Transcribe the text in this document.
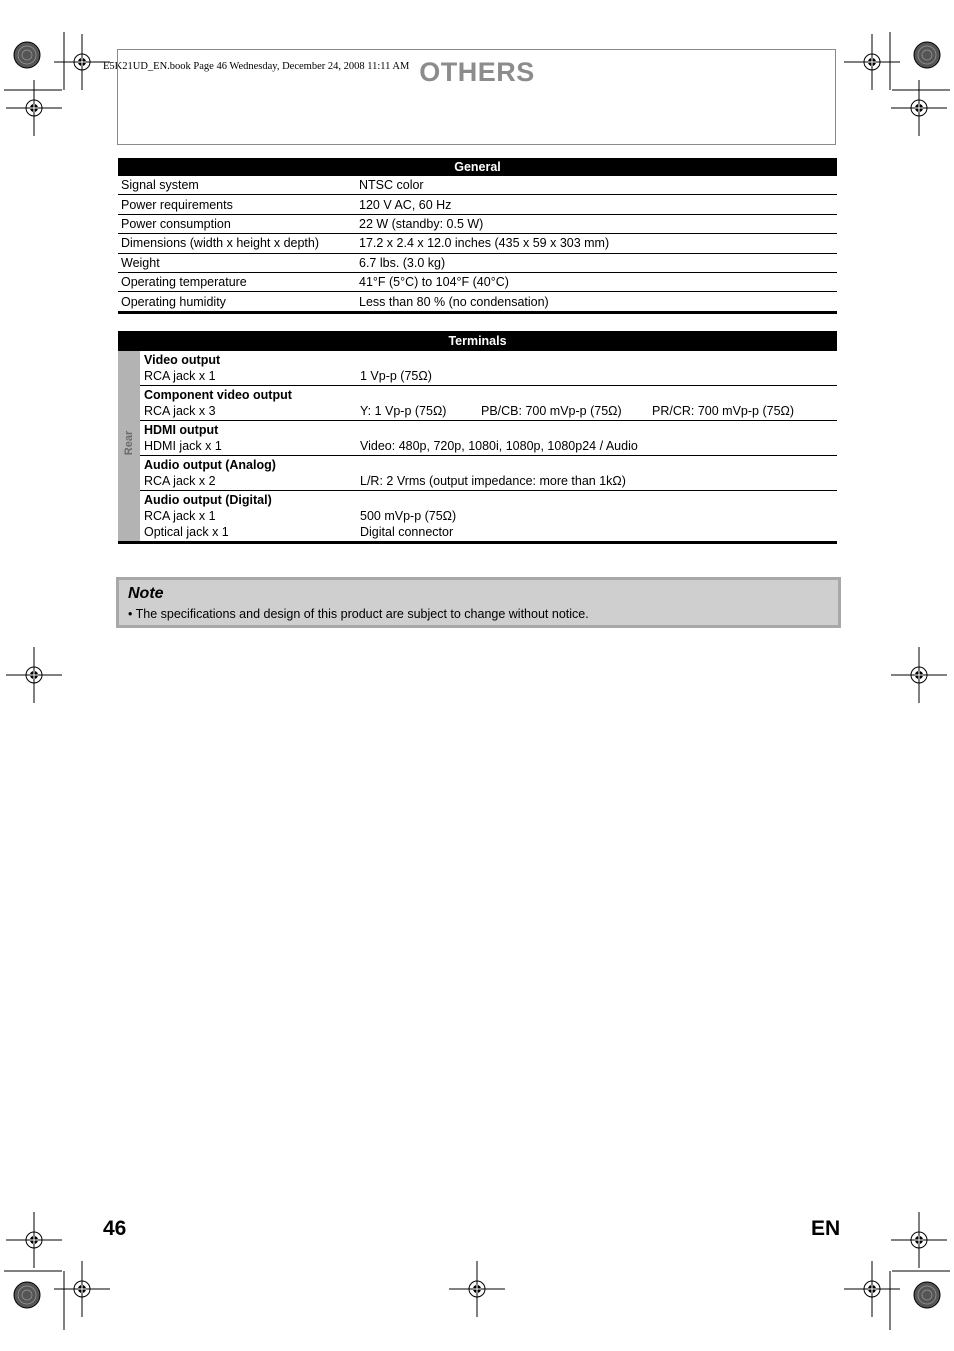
E5K21UD_EN.book Page 46 Wednesday, December 24, 2008 11:11 AM OTHERS
General	
Signal system	NTSC color
Power requirements	120 V AC, 60 Hz
Power consumption	22 W (standby: 0.5 W)
Dimensions (width x height x depth)	17.2 x 2.4 x 12.0 inches (435 x 59 x 303 mm)
Weight	6.7 lbs. (3.0 kg)
Operating temperature	41°F (5°C) to 104°F (40°C)
Operating humidity	Less than 80 % (no condensation)
Terminals
Rear
Video output
RCA jack x 1	1 Vp-p (75Ω)
Component video output
RCA jack x 3	Y: 1 Vp-p (75Ω)	PB/CB: 700 mVp-p (75Ω)	PR/CR: 700 mVp-p (75Ω)
HDMI output
HDMI jack x 1	Video: 480p, 720p, 1080i, 1080p, 1080p24 / Audio
Audio output (Analog)
RCA jack x 2	L/R: 2 Vrms (output impedance: more than 1kΩ)
Audio output (Digital)
RCA jack x 1	500 mVp-p (75Ω)
Optical jack x 1	Digital connector
Note
• The specifications and design of this product are subject to change without notice.
46	EN
